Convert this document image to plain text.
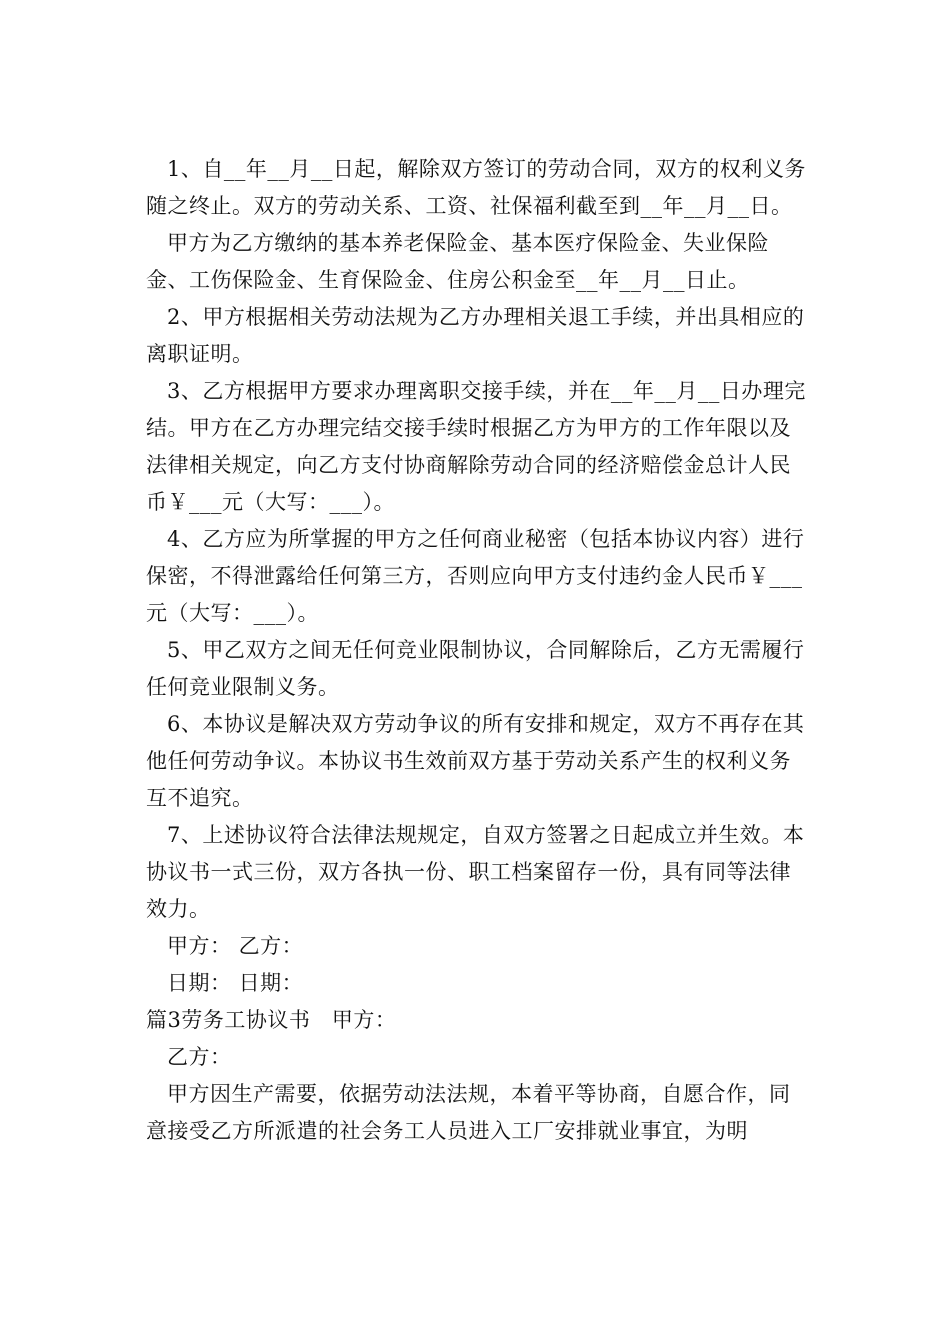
1、自__年__月__日起，解除双方签订的劳动合同，双方的权利义务随之终止。双方的劳动关系、工资、社保福利截至到__年__月__日。

甲方为乙方缴纳的基本养老保险金、基本医疗保险金、失业保险金、工伤保险金、生育保险金、住房公积金至__年__月__日止。

2、甲方根据相关劳动法规为乙方办理相关退工手续，并出具相应的离职证明。

3、乙方根据甲方要求办理离职交接手续，并在__年__月__日办理完结。甲方在乙方办理完结交接手续时根据乙方为甲方的工作年限以及法律相关规定，向乙方支付协商解除劳动合同的经济赔偿金总计人民币￥___元（大写：___）。

4、乙方应为所掌握的甲方之任何商业秘密（包括本协议内容）进行保密，不得泄露给任何第三方，否则应向甲方支付违约金人民币￥___元（大写：___）。

5、甲乙双方之间无任何竞业限制协议，合同解除后，乙方无需履行任何竞业限制义务。

6、本协议是解决双方劳动争议的所有安排和规定，双方不再存在其他任何劳动争议。本协议书生效前双方基于劳动关系产生的权利义务互不追究。

7、上述协议符合法律法规规定，自双方签署之日起成立并生效。本协议书一式三份，双方各执一份、职工档案留存一份，具有同等法律效力。

甲方： 乙方：

日期： 日期：

篇3劳务工协议书　甲方：

乙方：

甲方因生产需要，依据劳动法法规，本着平等协商，自愿合作，同意接受乙方所派遣的社会务工人员进入工厂安排就业事宜，为明
